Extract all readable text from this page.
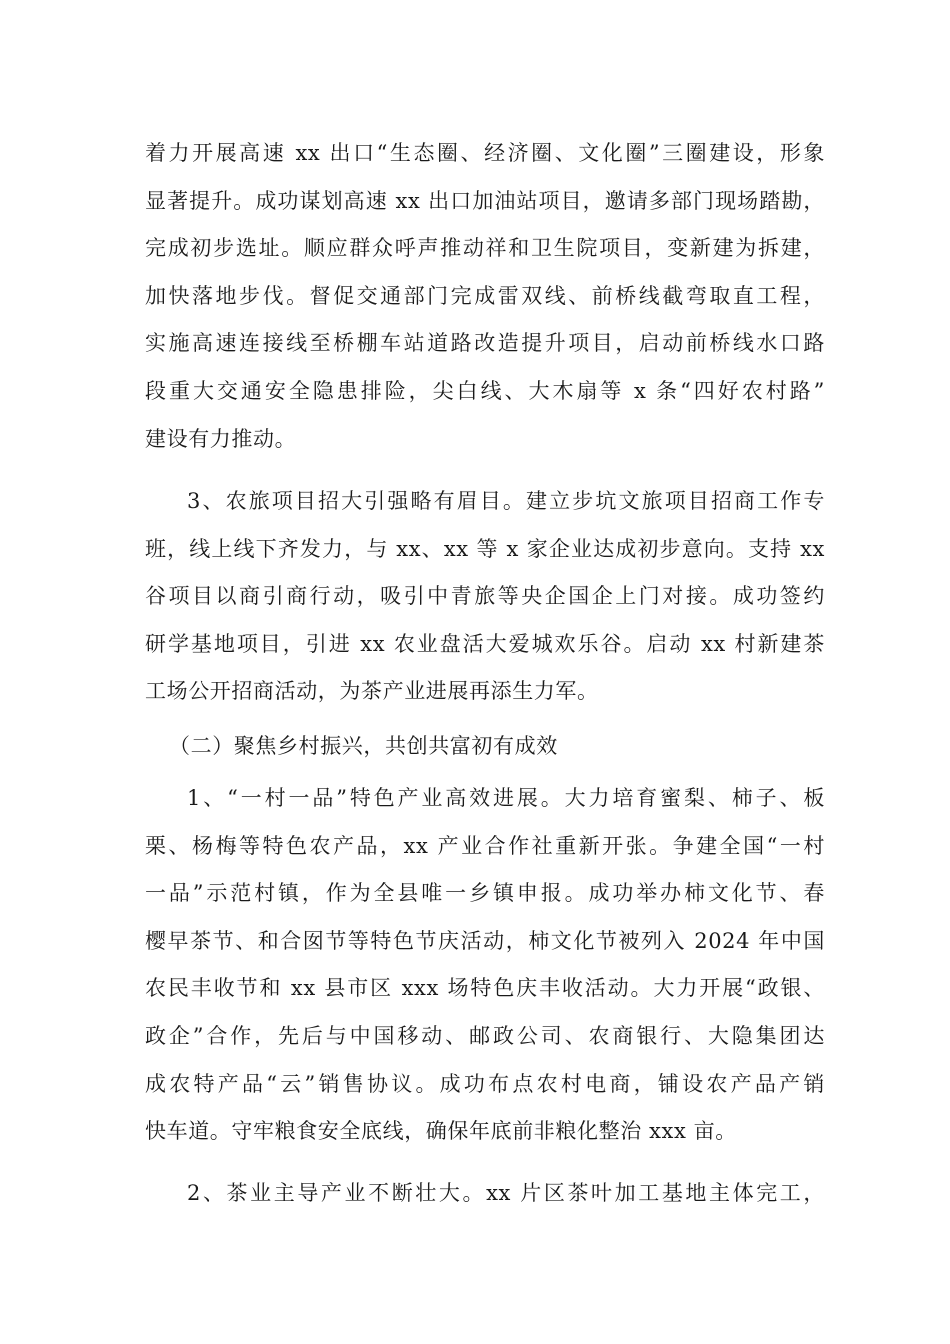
着力开展高速 xx 出口“生态圈、经济圈、文化圈”三圈建设，形象
显著提升。成功谋划高速 xx 出口加油站项目，邀请多部门现场踏勘，
完成初步选址。顺应群众呼声推动祥和卫生院项目，变新建为拆建，
加快落地步伐。督促交通部门完成雷双线、前桥线截弯取直工程，
实施高速连接线至桥棚车站道路改造提升项目，启动前桥线水口路
段重大交通安全隐患排险，尖白线、大木扇等 x 条“四好农村路”
建设有力推动。
3、农旅项目招大引强略有眉目。建立步坑文旅项目招商工作专
班，线上线下齐发力，与 xx、xx 等 x 家企业达成初步意向。支持 xx
谷项目以商引商行动，吸引中青旅等央企国企上门对接。成功签约
研学基地项目，引进 xx 农业盘活大爱城欢乐谷。启动 xx 村新建茶
工场公开招商活动，为茶产业进展再添生力军。
（二）聚焦乡村振兴，共创共富初有成效
1、“一村一品”特色产业高效进展。大力培育蜜梨、柿子、板
栗、杨梅等特色农产品，xx 产业合作社重新开张。争建全国“一村
一品”示范村镇，作为全县唯一乡镇申报。成功举办柿文化节、春
樱早茶节、和合囡节等特色节庆活动，柿文化节被列入 2024 年中国
农民丰收节和 xx 县市区 xxx 场特色庆丰收活动。大力开展“政银、
政企”合作，先后与中国移动、邮政公司、农商银行、大隐集团达
成农特产品“云”销售协议。成功布点农村电商，铺设农产品产销
快车道。守牢粮食安全底线，确保年底前非粮化整治 xxx 亩。
2、茶业主导产业不断壮大。xx 片区茶叶加工基地主体完工，
